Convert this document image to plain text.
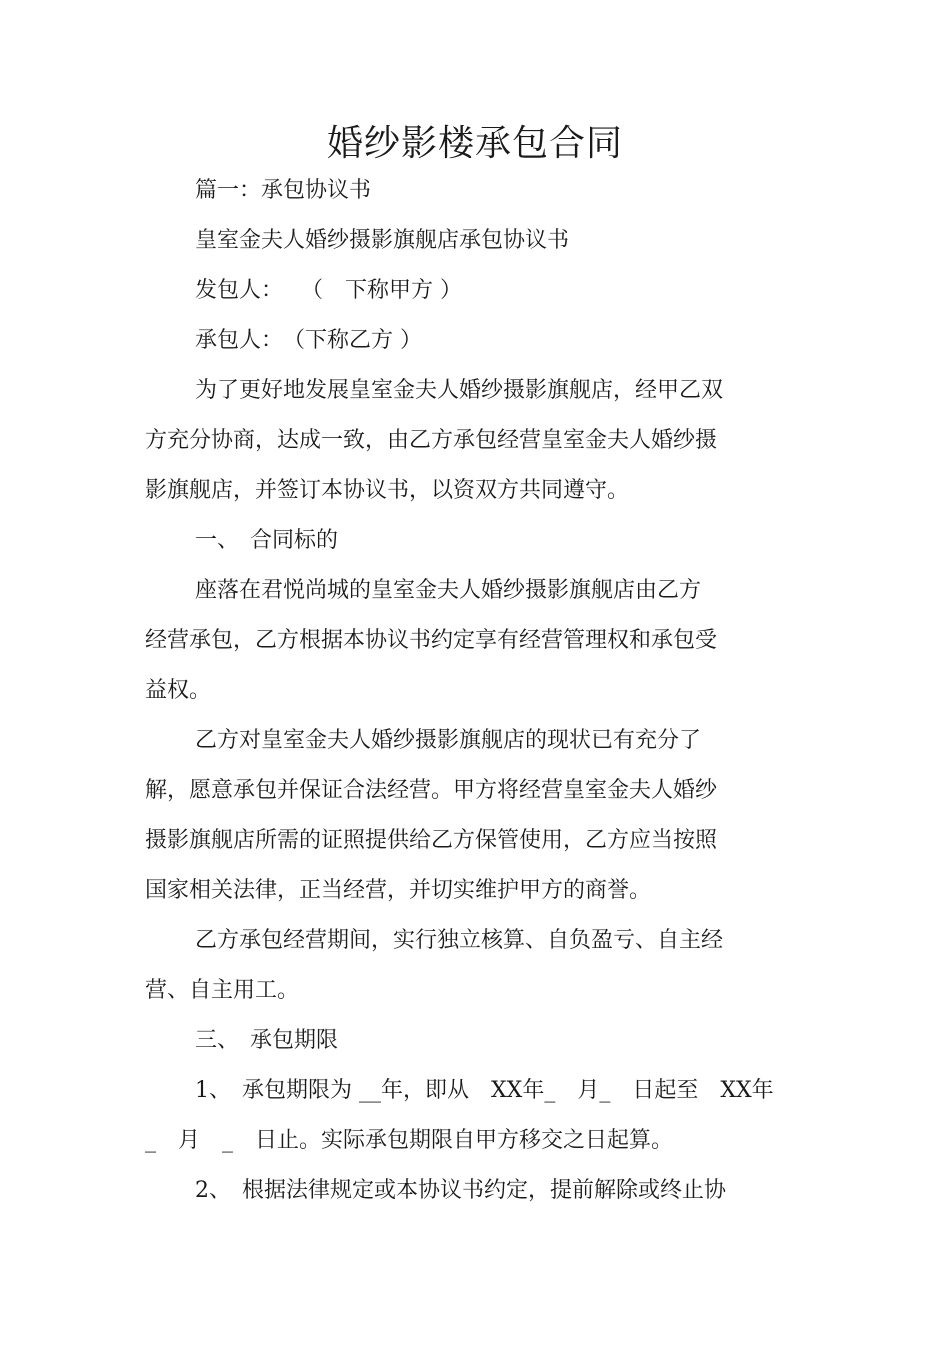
婚纱影楼承包合同
篇一：承包协议书
皇室金夫人婚纱摄影旗舰店承包协议书
发包人：　 （　下称甲方 ）
承包人：　（下称乙方 ）
为了更好地发展皇室金夫人婚纱摄影旗舰店，经甲乙双
方充分协商，达成一致，由乙方承包经营皇室金夫人婚纱摄
影旗舰店，并签订本协议书，以资双方共同遵守。
一、　合同标的
座落在君悦尚城的皇室金夫人婚纱摄影旗舰店由乙方
经营承包，乙方根据本协议书约定享有经营管理权和承包受
益权。
乙方对皇室金夫人婚纱摄影旗舰店的现状已有充分了
解，愿意承包并保证合法经营。甲方将经营皇室金夫人婚纱
摄影旗舰店所需的证照提供给乙方保管使用，乙方应当按照
国家相关法律，正当经营，并切实维护甲方的商誉。
乙方承包经营期间，实行独立核算、自负盈亏、自主经
营、自主用工。
三、　承包期限
1、　承包期限为 __年，即从　XX年_　月_　日起至　XX年
_　月　_　日止。实际承包期限自甲方移交之日起算。
2、　根据法律规定或本协议书约定，提前解除或终止协
